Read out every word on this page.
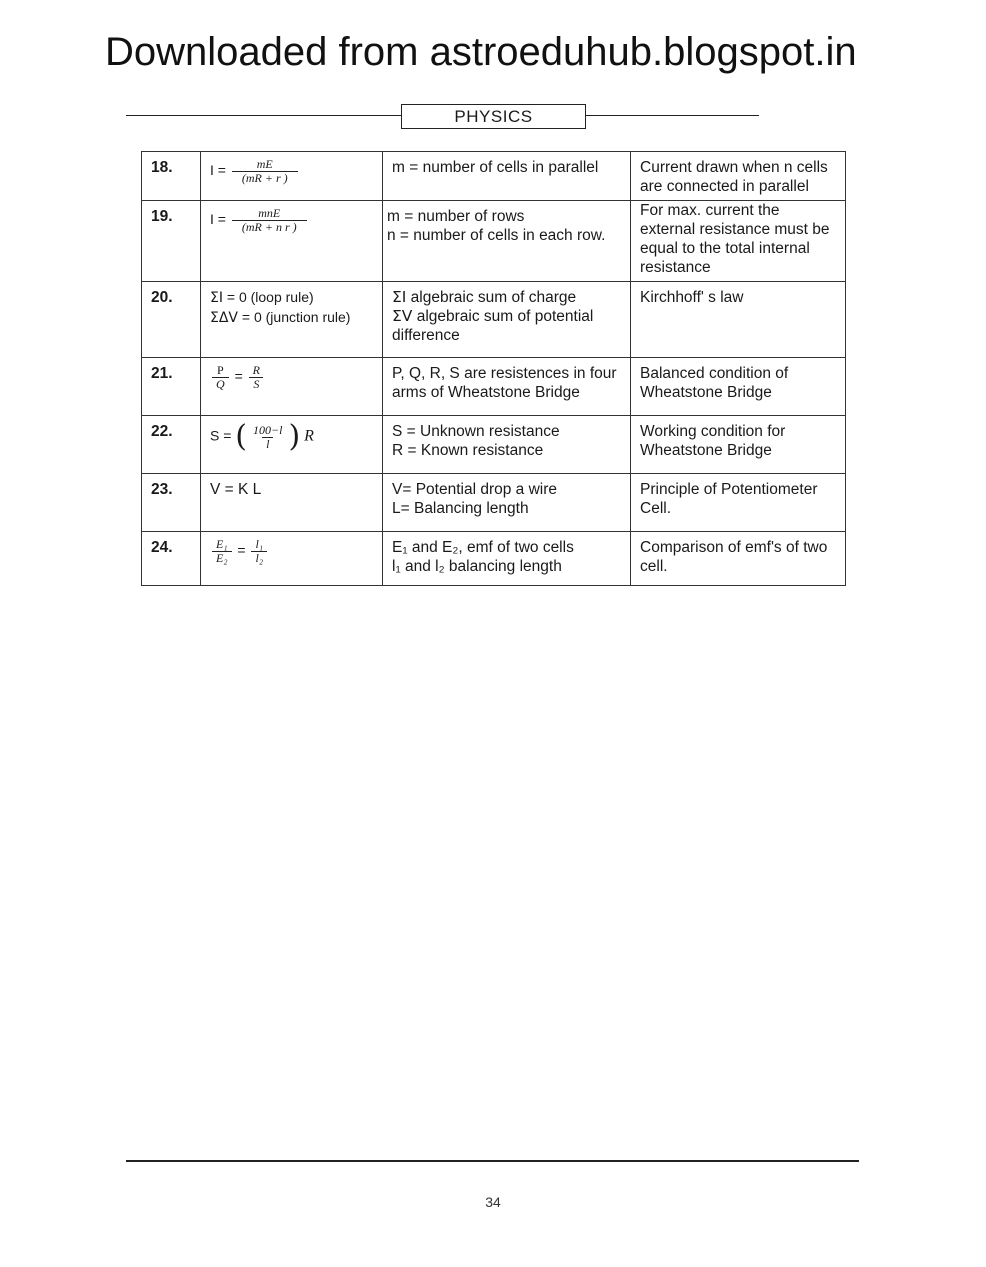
Downloaded from astroeduhub.blogspot.in
PHYSICS
18.	$I = \frac{mE}{(mR + r )}$	m = number of cells in parallel	Current drawn when n cells
are connected in parallel

19.	$I = \frac{\text{mnE}}{\text{(mR + n r )}}$	m = number of rows
n = number of cells in each row.	For max. current the
external resistance must be
equal to the total internal
resistance

20.	ΣI = 0 (loop rule)
ΣΔV = 0 (junction rule)	ΣI algebraic sum of charge
ΣV algebraic sum of potential
difference	Kirchhoff' s law

21.	$\frac{P}{Q} = \frac{R}{S}$	P, Q, R, S are resistences in four
arms of Wheatstone Bridge	Balanced condition of
Wheatstone Bridge

22.	S = ( $\frac{100-l}{l}$ ) R	S = Unknown resistance
R = Known resistance	Working condition for
Wheatstone Bridge

23.	V = K L	V= Potential drop a wire
L= Balancing length	Principle of Potentiometer
Cell.

24.	$\frac{\text{E₁}}{\text{E₂}} = \frac{\text{l₁}}{\text{l₂}}$	E₁ and E₂, emf of two cells
l₁ and l₂ balancing length	Comparison of emf's of two
cell.
34
